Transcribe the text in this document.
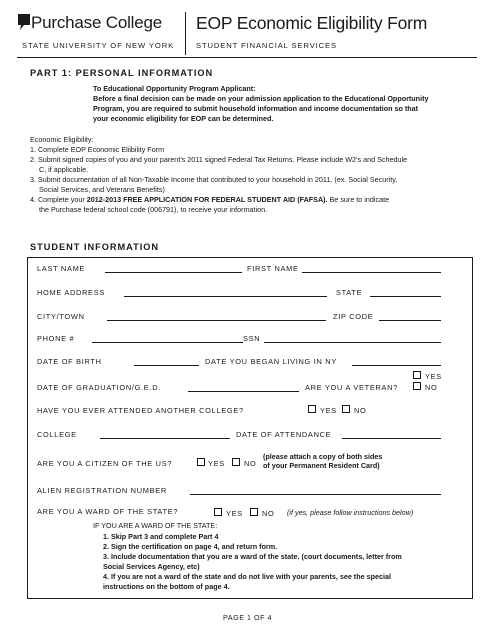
Purchase College
STATE UNIVERSITY OF NEW YORK
EOP Economic Eligibility Form
STUDENT FINANCIAL SERVICES
PART 1: PERSONAL INFORMATION
To Educational Opportunity Program Applicant:
Before a final decision can be made on your admission application to the Educational Opportunity
Program, you are required to submit household information and income documentation so that
your economic eligibility for EOP can be determined.
Economic Eligibility:
1. Complete EOP Economic Eliibility Form
2. Submit signed copies of you and your parent’s 2011 signed Federal Tax Returns. Please include W2’s and Schedule
C, if applicable.
3. Submit documentation of all Non-Taxable Income that contributed to your household in 2011. (ex. Social Security,
Social Services, and Veterans Benefits)
4. Complete your 2012-2013 FREE APPLICATION FOR FEDERAL STUDENT AID (FAFSA). Be sure to indicate
the Purchase federal school code (006791), to receive your information.
STUDENT INFORMATION
LAST NAME	FIRST NAME
HOME ADDRESS	STATE
CITY/TOWN	ZIP CODE
PHONE #	SSN
DATE OF BIRTH	DATE YOU BEGAN LIVING IN NY
DATE OF GRADUATION/G.E.D.	ARE YOU A VETERAN?
YES
NO
HAVE YOU EVER ATTENDED ANOTHER COLLEGE?	YES NO
COLLEGE	DATE OF ATTENDANCE
ARE YOU A CITIZEN OF THE US?	YES	NO
(please attach a copy of both sides
of your Permanent Resident Card)
ALIEN REGISTRATION NUMBER
ARE YOU A WARD OF THE STATE?	YES	NO (if yes, please follow instructions below)
IF YOU ARE A WARD OF THE STATE:
1. Skip Part 3 and complete Part 4
2. Sign the certification on page 4, and return form.
3. Include documentation that you are a ward of the state. (court documents, letter from
Social Services Agency, etc)
4. If you are not a ward of the state and do not live with your parents, see the special
instructions on the bottom of page 4.
PAGE 1 OF 4
